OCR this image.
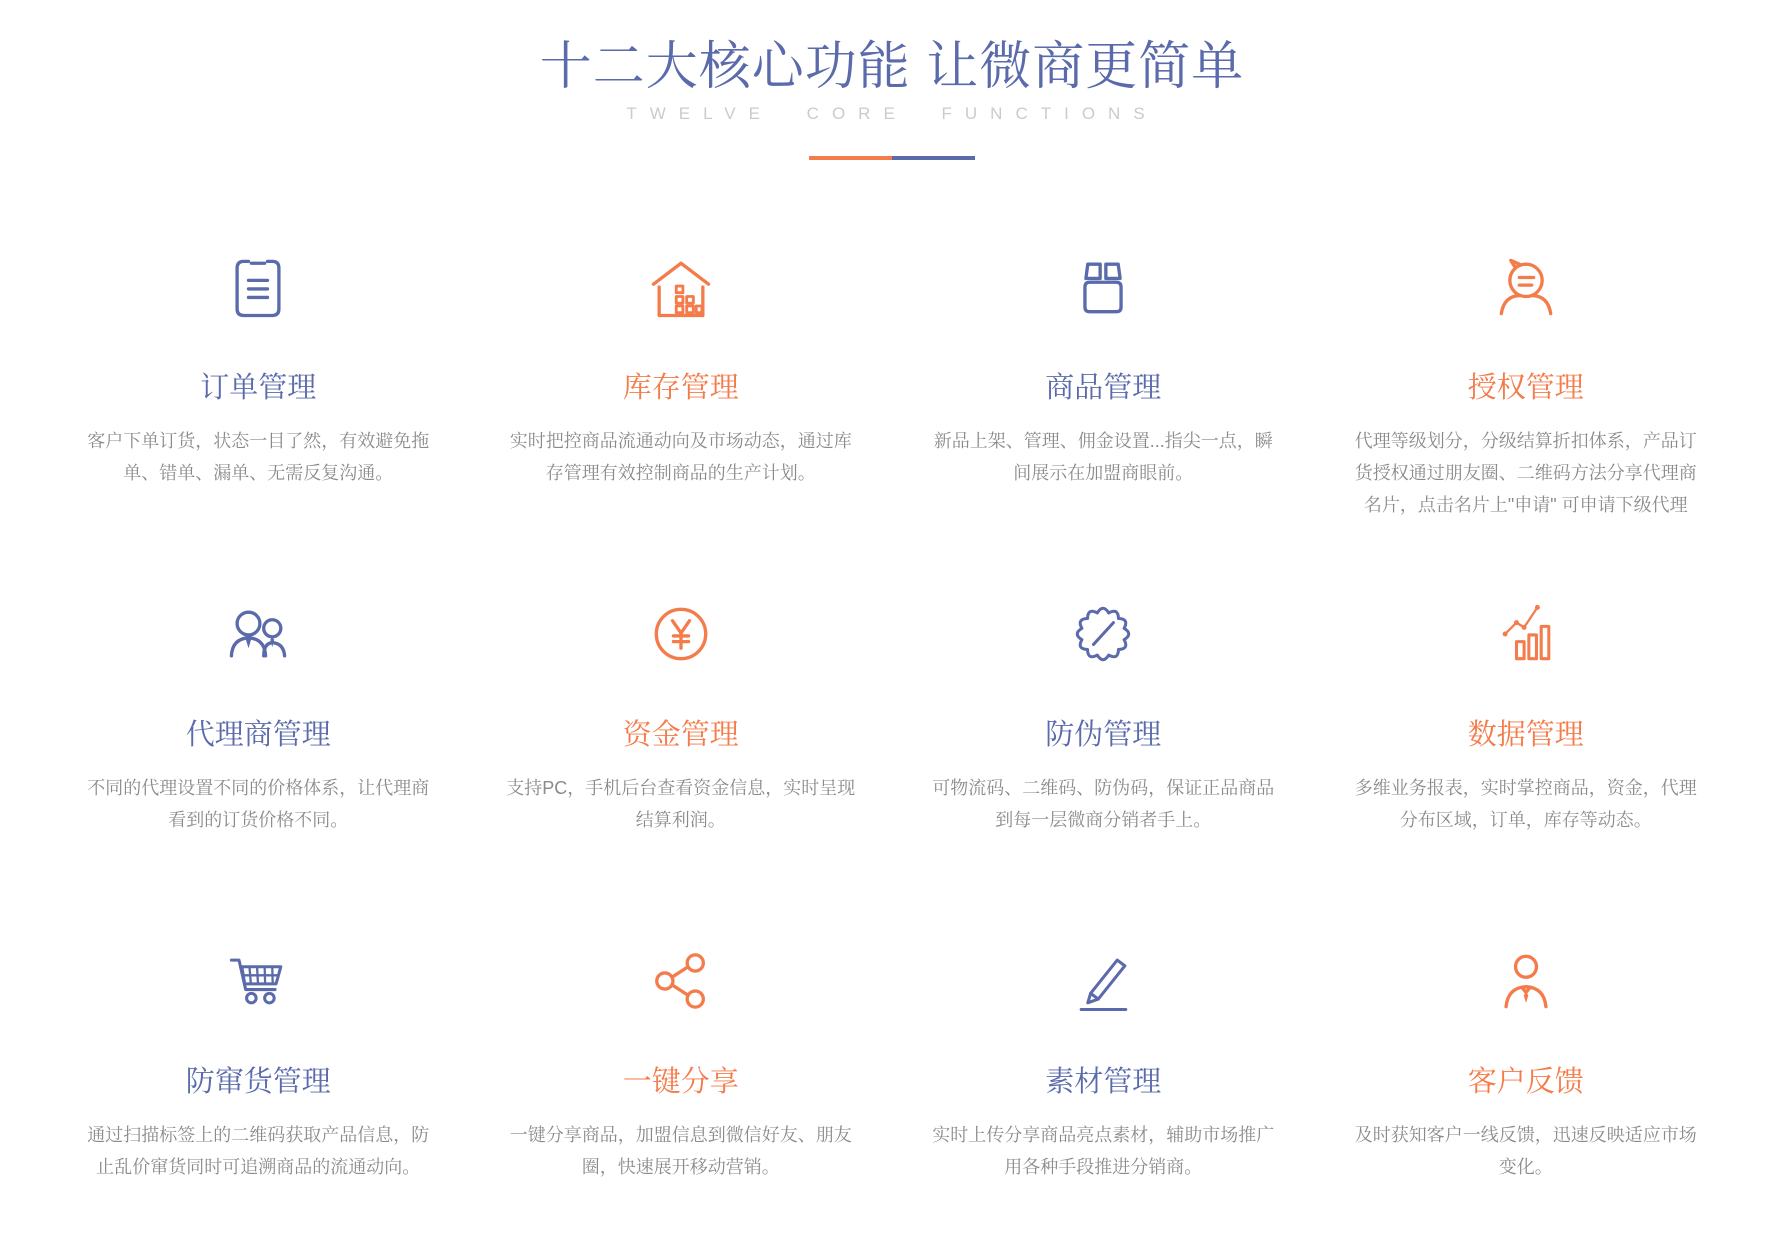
十二大核心功能 让微商更简单
TWELVE CORE FUNCTIONS
订单管理

客户下单订货，状态一目了然，有效避免拖单、错单、漏单、无需反复沟通。

库存管理

实时把控商品流通动向及市场动态，通过库存管理有效控制商品的生产计划。

商品管理

新品上架、管理、佣金设置...指尖一点，瞬间展示在加盟商眼前。

授权管理

代理等级划分，分级结算折扣体系，产品订货授权通过朋友圈、二维码方法分享代理商名片，点击名片上"申请" 可申请下级代理

代理商管理

不同的代理设置不同的价格体系，让代理商看到的订货价格不同。

资金管理

支持PC，手机后台查看资金信息，实时呈现结算利润。

防伪管理

可物流码、二维码、防伪码，保证正品商品到每一层微商分销者手上。

数据管理

多维业务报表，实时掌控商品，资金，代理分布区域，订单，库存等动态。

防窜货管理

通过扫描标签上的二维码获取产品信息，防止乱价窜货同时可追溯商品的流通动向。

一键分享

一键分享商品，加盟信息到微信好友、朋友圈，快速展开移动营销。

素材管理

实时上传分享商品亮点素材，辅助市场推广用各种手段推进分销商。

客户反馈

及时获知客户一线反馈，迅速反映适应市场变化。
